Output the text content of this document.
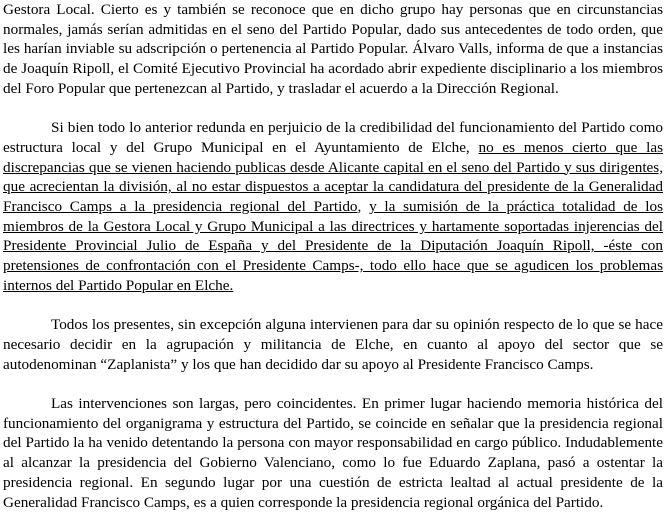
Gestora Local. Cierto es y también se reconoce que en dicho grupo hay personas que en circunstancias normales, jamás serían admitidas en el seno del Partido Popular, dado sus antecedentes de todo orden, que les harían inviable su adscripción o pertenencia al Partido Popular. Álvaro Valls, informa de que a instancias de Joaquín Ripoll, el Comité Ejecutivo Provincial ha acordado abrir expediente disciplinario a los miembros del Foro Popular que pertenezcan al Partido, y trasladar el acuerdo a la Dirección Regional.

Si bien todo lo anterior redunda en perjuicio de la credibilidad del funcionamiento del Partido como estructura local y del Grupo Municipal en el Ayuntamiento de Elche, no es menos cierto que las discrepancias que se vienen haciendo publicas desde Alicante capital en el seno del Partido y sus dirigentes, que acrecientan la división, al no estar dispuestos a aceptar la candidatura del presidente de la Generalidad Francisco Camps a la presidencia regional del Partido, y la sumisión de la práctica totalidad de los miembros de la Gestora Local y Grupo Municipal a las directrices y hartamente soportadas injerencias del Presidente Provincial Julio de España y del Presidente de la Diputación Joaquín Ripoll, -éste con pretensiones de confrontación con el Presidente Camps-, todo ello hace que se agudicen los problemas internos del Partido Popular en Elche.

Todos los presentes, sin excepción alguna intervienen para dar su opinión respecto de lo que se hace necesario decidir en la agrupación y militancia de Elche, en cuanto al apoyo del sector que se autodenominan “Zaplanista” y los que han decidido dar su apoyo al Presidente Francisco Camps.

Las intervenciones son largas, pero coincidentes. En primer lugar haciendo memoria histórica del funcionamiento del organigrama y estructura del Partido, se coincide en señalar que la presidencia regional del Partido la ha venido detentando la persona con mayor responsabilidad en cargo público. Indudablemente al alcanzar la presidencia del Gobierno Valenciano, como lo fue Eduardo Zaplana, pasó a ostentar la presidencia regional. En segundo lugar por una cuestión de estricta lealtad al actual presidente de la Generalidad Francisco Camps, es a quien corresponde la presidencia regional orgánica del Partido.
